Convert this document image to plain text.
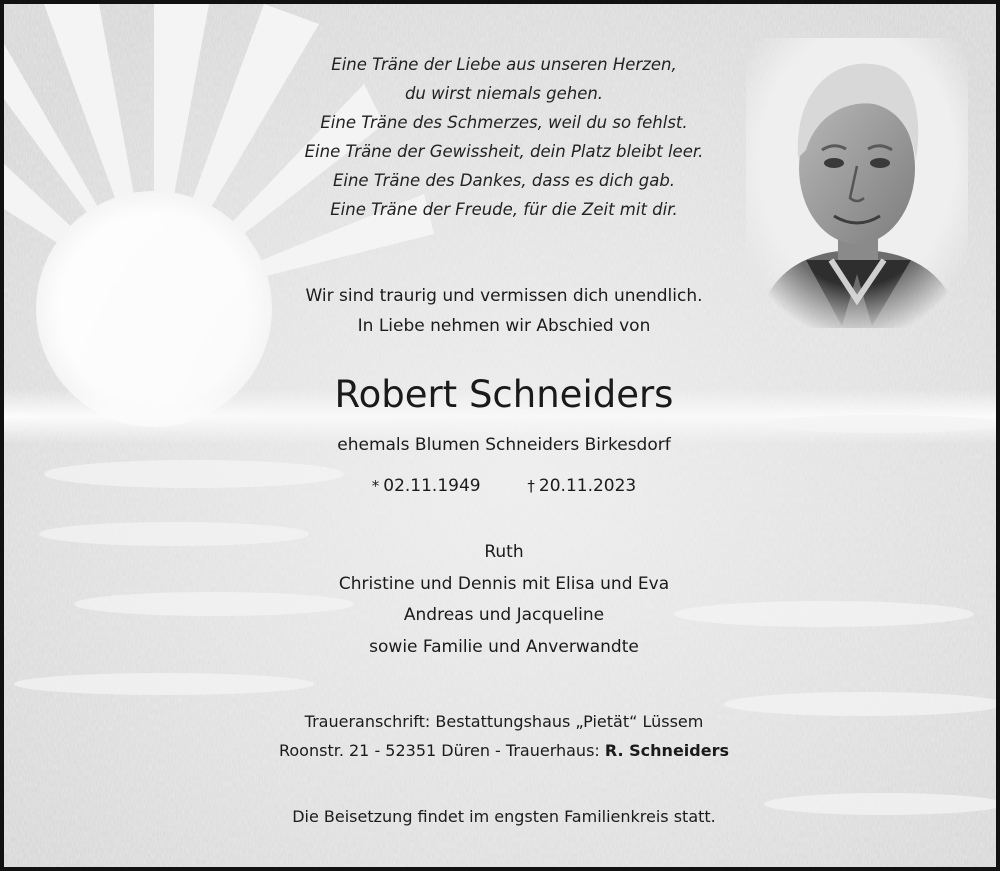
Eine Träne der Liebe aus unseren Herzen,
du wirst niemals gehen.
Eine Träne des Schmerzes, weil du so fehlst.
Eine Träne der Gewissheit, dein Platz bleibt leer.
Eine Träne des Dankes, dass es dich gab.
Eine Träne der Freude, für die Zeit mit dir.
Wir sind traurig und vermissen dich unendlich.
In Liebe nehmen wir Abschied von
Robert Schneiders
ehemals Blumen Schneiders Birkesdorf
* 02.11.1949	† 20.11.2023
Ruth
Christine und Dennis mit Elisa und Eva
Andreas und Jacqueline
sowie Familie und Anverwandte
Traueranschrift: Bestattungshaus „Pietät“ Lüssem
Roonstr. 21 - 52351 Düren - Trauerhaus: R. Schneiders
Die Beisetzung findet im engsten Familienkreis statt.
